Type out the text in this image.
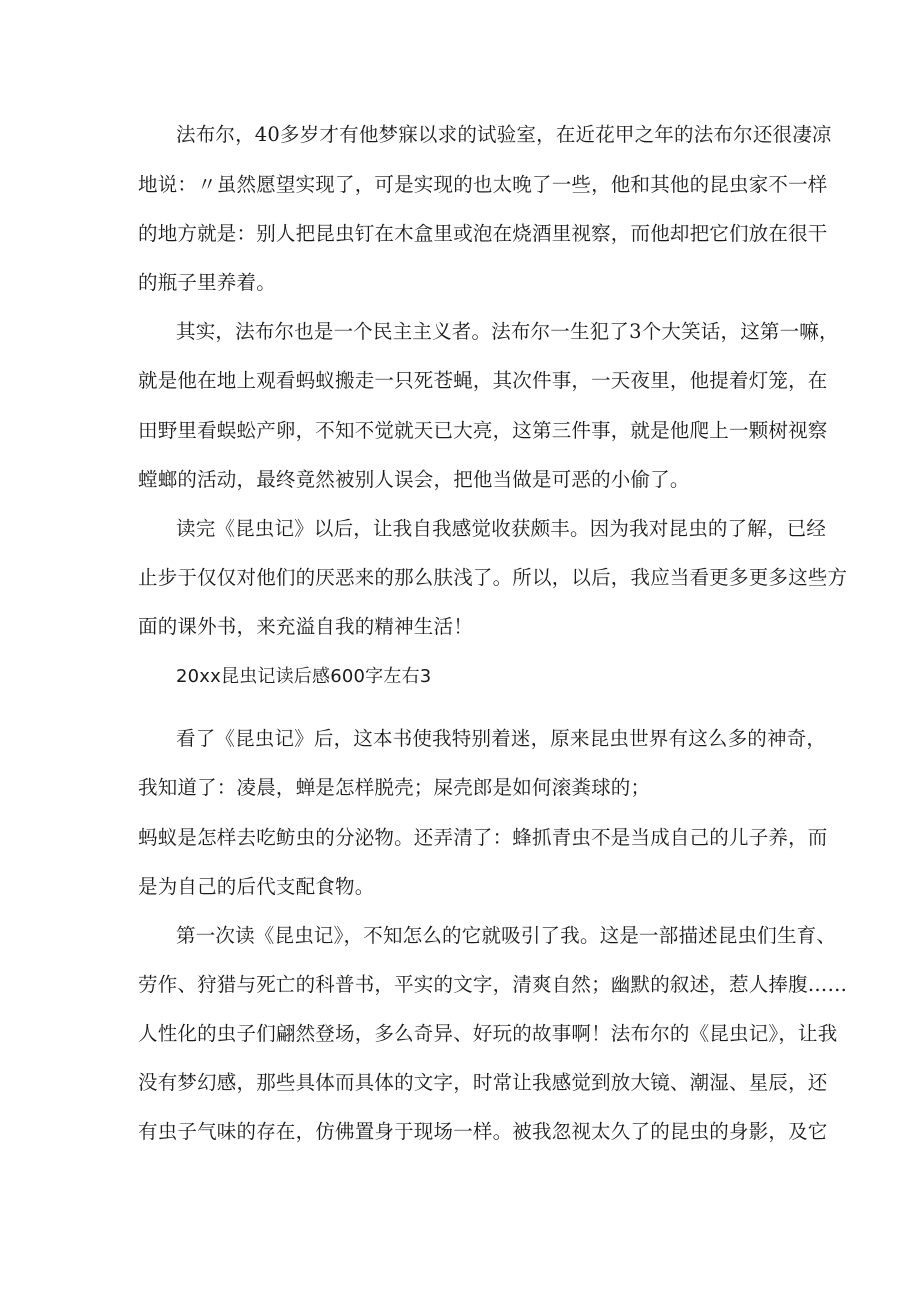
法布尔，40多岁才有他梦寐以求的试验室，在近花甲之年的法布尔还很凄凉
地说：〃虽然愿望实现了，可是实现的也太晚了一些，他和其他的昆虫家不一样
的地方就是：别人把昆虫钉在木盒里或泡在烧酒里视察，而他却把它们放在很干
的瓶子里养着。
其实，法布尔也是一个民主主义者。法布尔一生犯了3个大笑话，这第一嘛，
就是他在地上观看蚂蚁搬走一只死苍蝇，其次件事，一天夜里，他提着灯笼，在
田野里看蜈蚣产卵，不知不觉就天已大亮，这第三件事，就是他爬上一颗树视察
螳螂的活动，最终竟然被别人误会，把他当做是可恶的小偷了。
读完《昆虫记》以后，让我自我感觉收获颇丰。因为我对昆虫的了解，已经
止步于仅仅对他们的厌恶来的那么肤浅了。所以，以后，我应当看更多更多这些方
面的课外书，来充溢自我的精神生活！
20xx昆虫记读后感600字左右3
看了《昆虫记》后，这本书使我特别着迷，原来昆虫世界有这么多的神奇，
我知道了：凌晨，蝉是怎样脱壳；屎壳郎是如何滚粪球的；
蚂蚁是怎样去吃鲂虫的分泌物。还弄清了：蜂抓青虫不是当成自己的儿子养，而
是为自己的后代支配食物。
第一次读《昆虫记》，不知怎么的它就吸引了我。这是一部描述昆虫们生育、
劳作、狩猎与死亡的科普书，平实的文字，清爽自然；幽默的叙述，惹人捧腹……
人性化的虫子们翩然登场，多么奇异、好玩的故事啊！法布尔的《昆虫记》，让我
没有梦幻感，那些具体而具体的文字，时常让我感觉到放大镜、潮湿、星辰，还
有虫子气味的存在，仿佛置身于现场一样。被我忽视太久了的昆虫的身影，及它
